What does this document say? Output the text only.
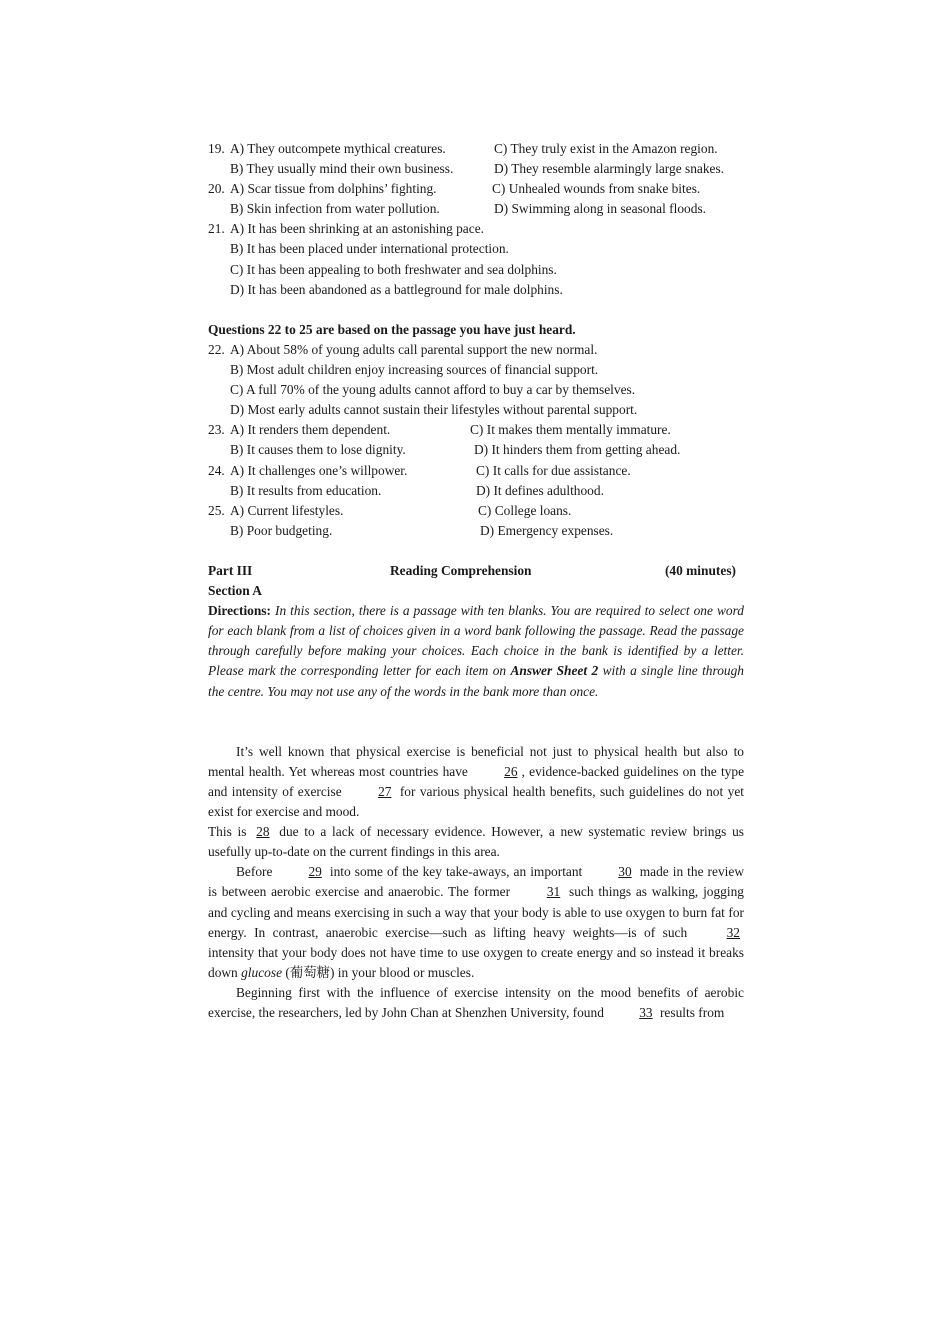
19. A) They outcompete mythical creatures.	C) They truly exist in the Amazon region.
B) They usually mind their own business.	D) They resemble alarmingly large snakes.
20. A) Scar tissue from dolphins’ fighting.	C) Unhealed wounds from snake bites.
B) Skin infection from water pollution.	D) Swimming along in seasonal floods.
21. A) It has been shrinking at an astonishing pace.
B) It has been placed under international protection.
C) It has been appealing to both freshwater and sea dolphins.
D) It has been abandoned as a battleground for male dolphins.
Questions 22 to 25 are based on the passage you have just heard.
22. A) About 58% of young adults call parental support the new normal.
B) Most adult children enjoy increasing sources of financial support.
C) A full 70% of the young adults cannot afford to buy a car by themselves.
D) Most early adults cannot sustain their lifestyles without parental support.
23. A) It renders them dependent.	C) It makes them mentally immature.
B) It causes them to lose dignity.	D) It hinders them from getting ahead.
24. A) It challenges one’s willpower.	C) It calls for due assistance.
B) It results from education.	D) It defines adulthood.
25. A) Current lifestyles.	C) College loans.
B) Poor budgeting.	D) Emergency expenses.
Part III	Reading Comprehension	(40 minutes)
Section A
Directions: In this section, there is a passage with ten blanks. You are required to select one word for each blank from a list of choices given in a word bank following the passage. Read the passage through carefully before making your choices. Each choice in the bank is identified by a letter. Please mark the corresponding letter for each item on Answer Sheet 2 with a single line through the centre. You may not use any of the words in the bank more than once.

It’s well known that physical exercise is beneficial not just to physical health but also to mental health. Yet whereas most countries have 26 , evidence-backed guidelines on the type and intensity of exercise 27 for various physical health benefits, such guidelines do not yet exist for exercise and mood.

This is 28 due to a lack of necessary evidence. However, a new systematic review brings us usefully up-to-date on the current findings in this area.

Before 29 into some of the key take-aways, an important 30 made in the review is between aerobic exercise and anaerobic. The former 31 such things as walking, jogging and cycling and means exercising in such a way that your body is able to use oxygen to burn fat for energy. In contrast, anaerobic exercise—such as lifting heavy weights—is of such 32 intensity that your body does not have time to use oxygen to create energy and so instead it breaks down glucose (葡萄糖) in your blood or muscles.

Beginning first with the influence of exercise intensity on the mood benefits of aerobic exercise, the researchers, led by John Chan at Shenzhen University, found 33 results from
